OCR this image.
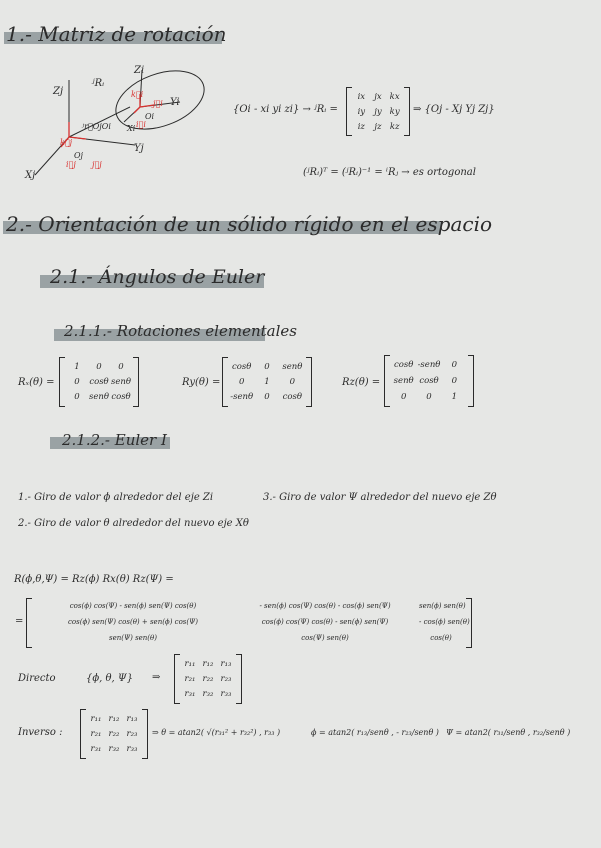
1.- Matriz de rotación
Zj
Xj
Yj
Oj
Zi
Yi
Xi
Oi
ʲRᵢ
ʲr⃗OjOi
k⃗j
i⃗j j⃗j
k⃗i
j⃗i
i⃗i
{Oi - xi yi zi} → ʲRᵢ =
ix jx kx
iy jy ky
iz jz kz
⇒ {Oj - Xj Yj Zj}
(ʲRᵢ)ᵀ = (ʲRᵢ)⁻¹ = ⁱRⱼ → es ortogonal
2.- Orientación de un sólido rígido en el espacio
2.1.- Ángulos de Euler
2.1.1.- Rotaciones elementales
Rₓ(θ) =
1 0 0
0 cosθ senθ
0 senθ cosθ
Ry(θ) =
cosθ 0 senθ
0 1 0
-senθ 0 cosθ
Rz(θ) =
cosθ -senθ 0
senθ cosθ 0
0 0 1
2.1.2.- Euler I
1.- Giro de valor ϕ alrededor del eje Zi	3.- Giro de valor Ψ alrededor del nuevo eje Zθ
2.- Giro de valor θ alrededor del nuevo eje Xθ
R(ϕ,θ,Ψ) = Rz(ϕ) Rx(θ) Rz(Ψ) =
=
cos(ϕ) cos(Ψ) - sen(ϕ) sen(Ψ) cos(θ)	- sen(ϕ) cos(Ψ) cos(θ) - cos(ϕ) sen(Ψ)	sen(ϕ) sen(θ)
cos(ϕ) sen(Ψ) cos(θ) + sen(ϕ) cos(Ψ)	cos(ϕ) cos(Ψ) cos(θ) - sen(ϕ) sen(Ψ)	- cos(ϕ) sen(θ)
sen(Ψ) sen(θ)	cos(Ψ) sen(θ)	cos(θ)
Directo	{ϕ, θ, Ψ} ⇒
r₁₁ r₁₂ r₁₃
r₂₁ r₂₂ r₂₃
r₃₁ r₃₂ r₃₃
Inverso :
r₁₁ r₁₂ r₁₃
r₂₁ r₂₂ r₂₃
r₃₁ r₃₂ r₃₃
⇒ θ = atan2( √(r₃₁² + r₃₂²) , r₃₃ )	ϕ = atan2( r₁₃/senθ , - r₂₃/senθ ) Ψ = atan2( r₃₁/senθ , r₃₂/senθ )
